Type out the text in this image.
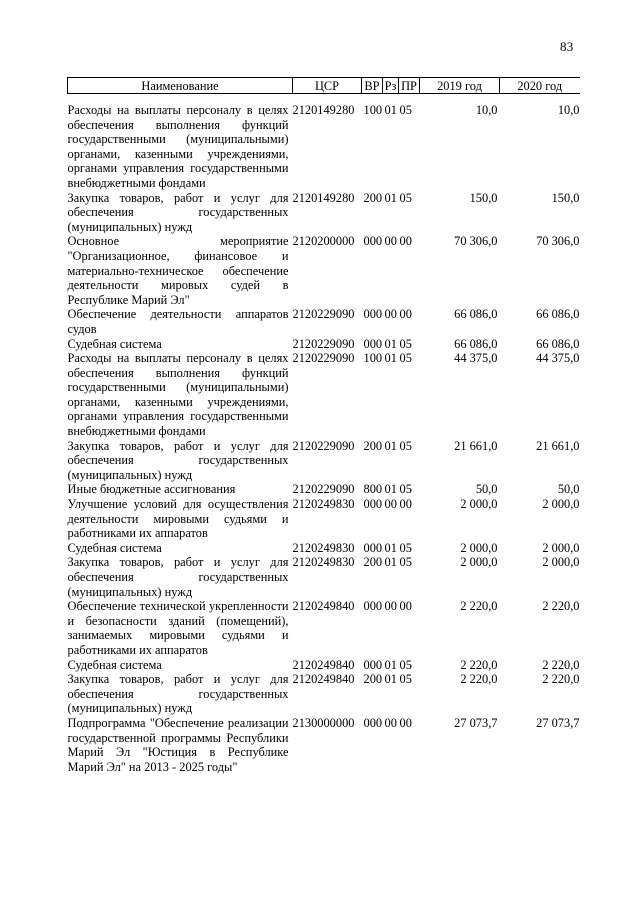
83
Наименование	ЦСР	ВР	Рз	ПР	2019 год	2020 год
Расходы на выплаты персоналу в целях обеспечения выполнения функций государственными (муниципальными) органами, казенными учреждениями, органами управления государственными внебюджетными фондами	2120149280	100	01	05	10,0	10,0
Закупка товаров, работ и услуг для обеспечения государственных (муниципальных) нужд	2120149280	200	01	05	150,0	150,0
Основное мероприятие "Организационное, финансовое и материально-техническое обеспечение деятельности мировых судей в Республике Марий Эл"	2120200000	000	00	00	70 306,0	70 306,0
Обеспечение деятельности аппаратов судов	2120229090	000	00	00	66 086,0	66 086,0
Судебная система	2120229090	000	01	05	66 086,0	66 086,0
Расходы на выплаты персоналу в целях обеспечения выполнения функций государственными (муниципальными) органами, казенными учреждениями, органами управления государственными внебюджетными фондами	2120229090	100	01	05	44 375,0	44 375,0
Закупка товаров, работ и услуг для обеспечения государственных (муниципальных) нужд	2120229090	200	01	05	21 661,0	21 661,0
Иные бюджетные ассигнования	2120229090	800	01	05	50,0	50,0
Улучшение условий для осуществления деятельности мировыми судьями и работниками их аппаратов	2120249830	000	00	00	2 000,0	2 000,0
Судебная система	2120249830	000	01	05	2 000,0	2 000,0
Закупка товаров, работ и услуг для обеспечения государственных (муниципальных) нужд	2120249830	200	01	05	2 000,0	2 000,0
Обеспечение технической укрепленности и безопасности зданий (помещений), занимаемых мировыми судьями и работниками их аппаратов	2120249840	000	00	00	2 220,0	2 220,0
Судебная система	2120249840	000	01	05	2 220,0	2 220,0
Закупка товаров, работ и услуг для обеспечения государственных (муниципальных) нужд	2120249840	200	01	05	2 220,0	2 220,0
Подпрограмма "Обеспечение реализации государственной программы Республики Марий Эл "Юстиция в Республике Марий Эл" на 2013 - 2025 годы"	2130000000	000	00	00	27 073,7	27 073,7
